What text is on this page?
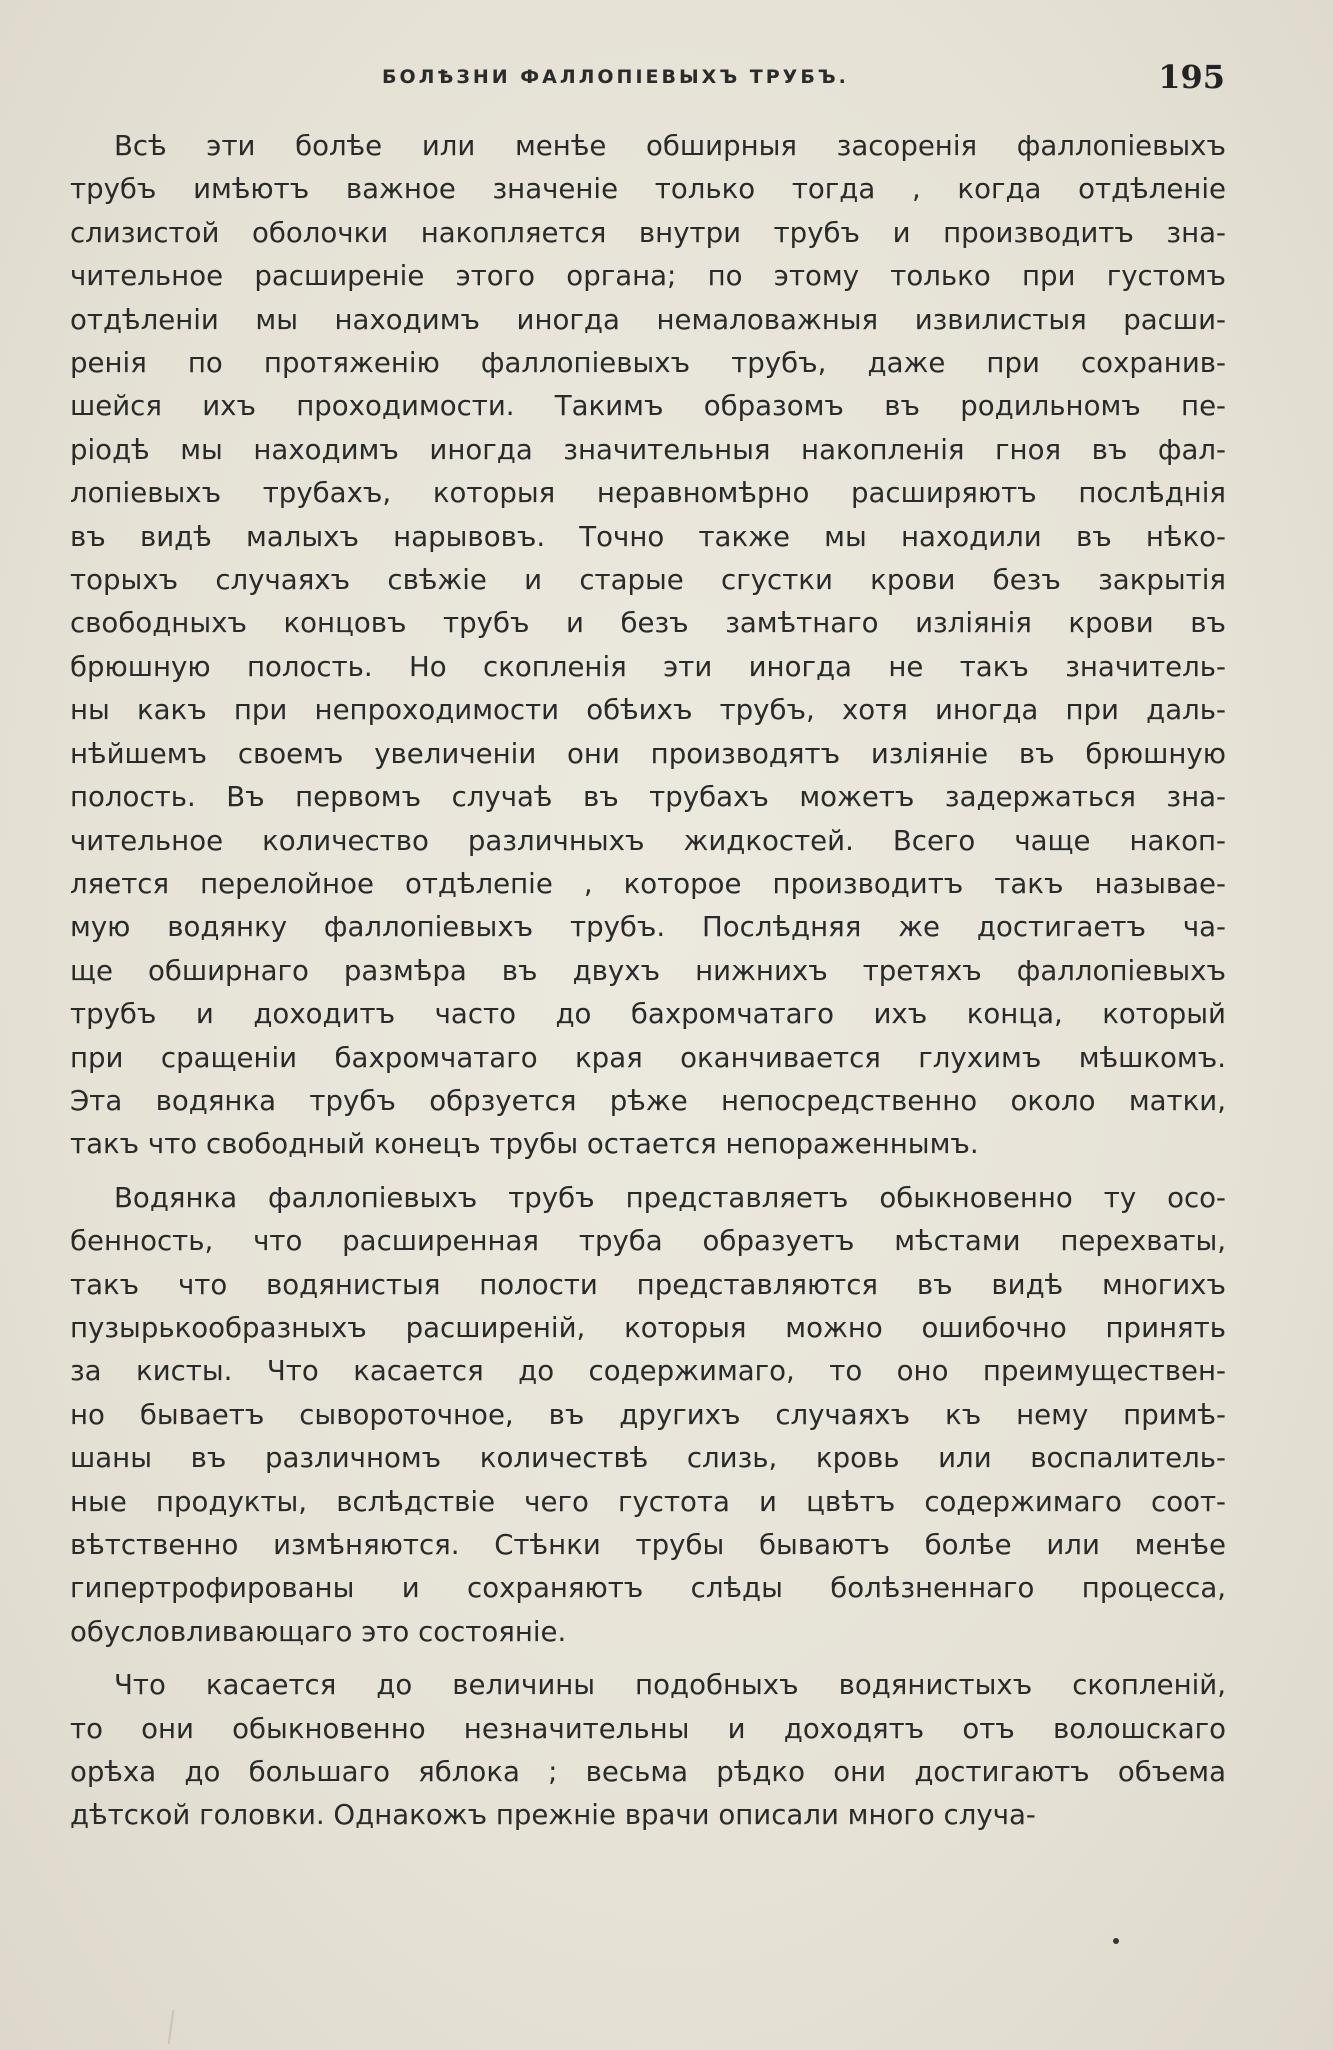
БОЛѢЗНИ ФАЛЛОПІЕВЫХЪ ТРУБЪ.	195
Всѣ эти болѣе или менѣе обширныя засоренія фаллопіевыхъ
трубъ имѣютъ важное значеніе только тогда , когда отдѣленіе
слизистой оболочки накопляется внутри трубъ и производитъ зна-
чительное расширеніе этого органа; по этому только при густомъ
отдѣленіи мы находимъ иногда немаловажныя извилистыя расши-
ренія по протяженію фаллопіевыхъ трубъ, даже при сохранив-
шейся ихъ проходимости. Такимъ образомъ въ родильномъ пе-
ріодѣ мы находимъ иногда значительныя накопленія гноя въ фал-
лопіевыхъ трубахъ, которыя неравномѣрно расширяютъ послѣднія
въ видѣ малыхъ нарывовъ. Точно также мы находили въ нѣко-
торыхъ случаяхъ свѣжіе и старые сгустки крови безъ закрытія
свободныхъ концовъ трубъ и безъ замѣтнаго изліянія крови въ
брюшную полость. Но скопленія эти иногда не такъ значитель-
ны какъ при непроходимости обѣихъ трубъ, хотя иногда при даль-
нѣйшемъ своемъ увеличеніи они производятъ изліяніе въ брюшную
полость. Въ первомъ случаѣ въ трубахъ можетъ задержаться зна-
чительное количество различныхъ жидкостей. Всего чаще накоп-
ляется перелойное отдѣлепіе , которое производитъ такъ называе-
мую водянку фаллопіевыхъ трубъ. Послѣдняя же достигаетъ ча-
ще обширнаго размѣра въ двухъ нижнихъ третяхъ фаллопіевыхъ
трубъ и доходитъ часто до бахромчатаго ихъ конца, который
при сращеніи бахромчатаго края оканчивается глухимъ мѣшкомъ.
Эта водянка трубъ обрзуется рѣже непосредственно около матки,
такъ что свободный конецъ трубы остается непораженнымъ.
Водянка фаллопіевыхъ трубъ представляетъ обыкновенно ту осо-
бенность, что расширенная труба образуетъ мѣстами перехваты,
такъ что водянистыя полости представляются въ видѣ многихъ
пузырькообразныхъ расширеній, которыя можно ошибочно принять
за кисты. Что касается до содержимаго, то оно преимуществен-
но бываетъ сывороточное, въ другихъ случаяхъ къ нему примѣ-
шаны въ различномъ количествѣ слизь, кровь или воспалитель-
ные продукты, вслѣдствіе чего густота и цвѣтъ содержимаго соот-
вѣтственно измѣняются. Стѣнки трубы бываютъ болѣе или менѣе
гипертрофированы и сохраняютъ слѣды болѣзненнаго процесса,
обусловливающаго это состояніе.
Что касается до величины подобныхъ водянистыхъ скопленій,
то они обыкновенно незначительны и доходятъ отъ волошскаго
орѣха до большаго яблока ; весьма рѣдко они достигаютъ объема
дѣтской головки. Однакожъ прежніе врачи описали много случа-
